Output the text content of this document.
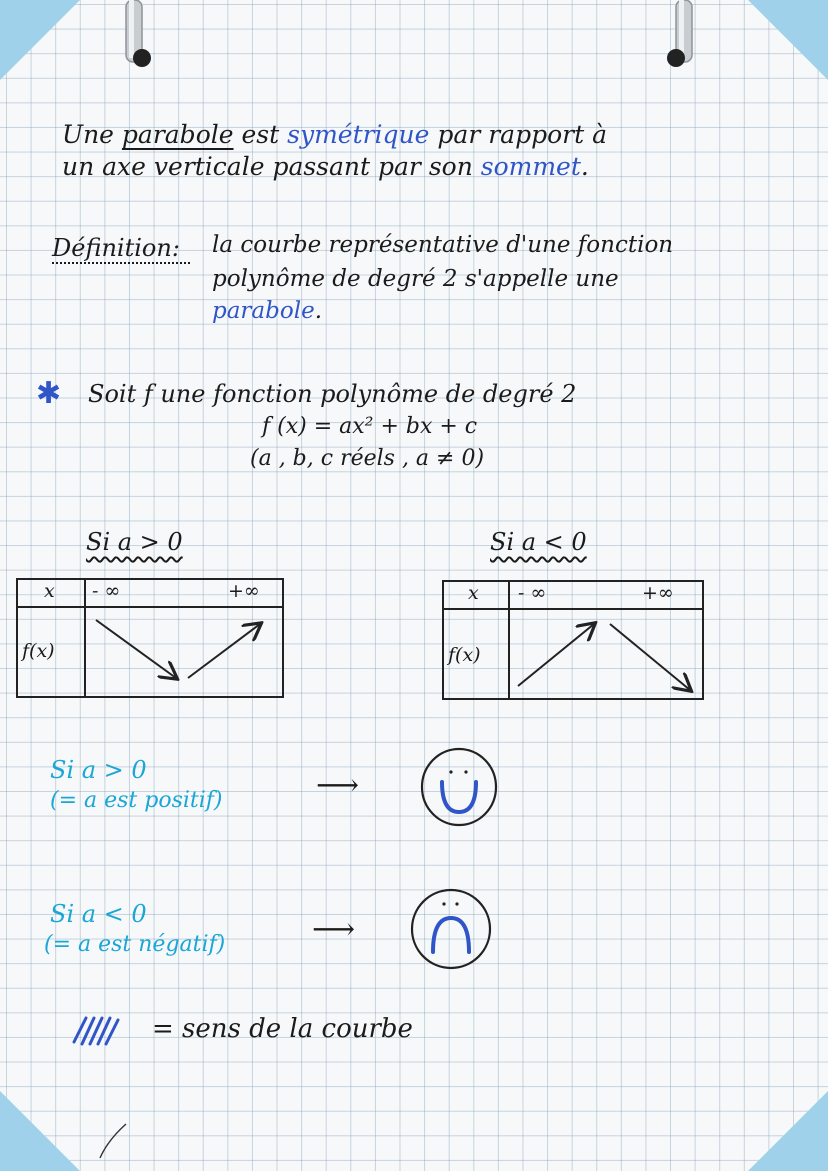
Une parabole est symétrique par rapport à
un axe verticale passant par son sommet.
Définition: la courbe représentative d'une fonction
polynôme de degré 2 s'appelle une
parabole.
✱ Soit f une fonction polynôme de degré 2
f (x) = ax² + bx + c
(a , b, c réels , a ≠ 0)
Si a > 0
x - ∞	+∞
f(x)
Si a < 0
x - ∞	+∞
f(x)
Si a > 0
(= a est positif)	⟶
Si a < 0
(= a est négatif)	⟶
= sens de la courbe
